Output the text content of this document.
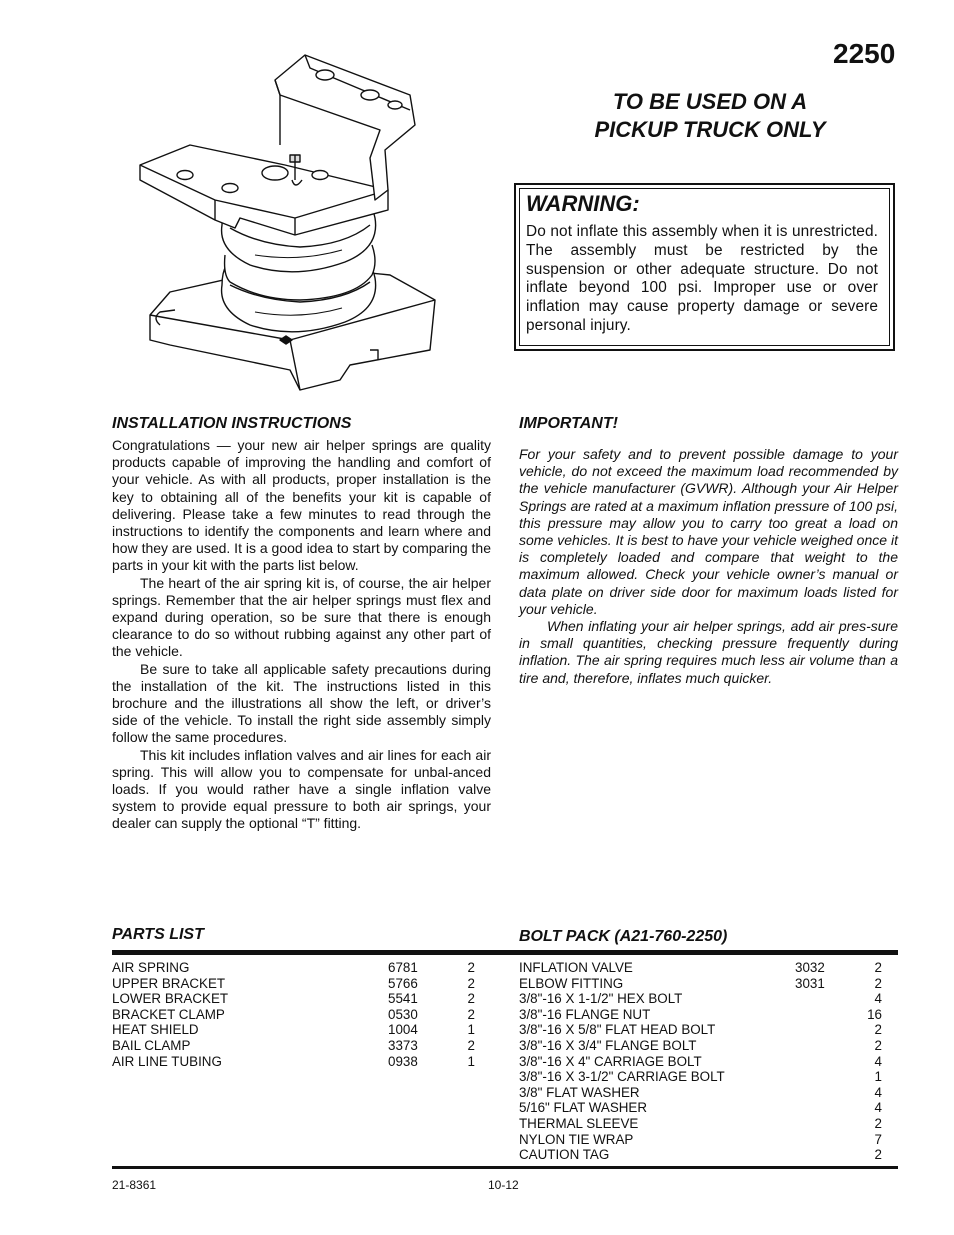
2250
TO BE USED ON A
PICKUP TRUCK ONLY
WARNING:
Do not inflate this assembly when it is unrestricted. The assembly must be restricted by the suspension or other adequate structure. Do not inflate beyond 100 psi. Improper use or over inflation may cause property damage or severe personal injury.
INSTALLATION INSTRUCTIONS

Congratulations — your new air helper springs are quality products capable of improving the handling and comfort of your vehicle. As with all products, proper installation is the key to obtaining all of the benefits your kit is capable of delivering. Please take a few minutes to read through the instructions to identify the components and learn where and how they are used. It is a good idea to start by comparing the parts in your kit with the parts list below.

The heart of the air spring kit is, of course, the air helper springs. Remember that the air helper springs must flex and expand during operation, so be sure that there is enough clearance to do so without rubbing against any other part of the vehicle.

Be sure to take all applicable safety precautions during the installation of the kit. The instructions listed in this brochure and the illustrations all show the left, or driver’s side of the vehicle. To install the right side assembly simply follow the same procedures.

This kit includes inflation valves and air lines for each air spring. This will allow you to compensate for unbal-anced loads. If you would rather have a single inflation valve system to provide equal pressure to both air springs, your dealer can supply the optional “T” fitting.

IMPORTANT!

For your safety and to prevent possible damage to your vehicle, do not exceed the maximum load recommended by the vehicle manufacturer (GVWR). Although your Air Helper Springs are rated at a maximum inflation pressure of 100 psi, this pressure may allow you to carry too great a load on some vehicles. It is best to have your vehicle weighed once it is completely loaded and compare that weight to the maximum allowed. Check your vehicle owner’s manual or data plate on driver side door for maximum loads listed for your vehicle.

When inflating your air helper springs, add air pres-sure in small quantities, checking pressure frequently during inflation. The air spring requires much less air volume than a tire and, therefore, inflates much quicker.

PARTS LIST	BOLT PACK (A21-760-2250)
AIR SPRING	6781	2
UPPER BRACKET	5766	2
LOWER BRACKET	5541	2
BRACKET CLAMP	0530	2
HEAT SHIELD	1004	1
BAIL CLAMP	3373	2
AIR LINE TUBING	0938	1
INFLATION VALVE	3032	2
ELBOW FITTING	3031	2
3/8"-16 X 1-1/2" HEX BOLT	4
3/8"-16 FLANGE NUT	16
3/8"-16 X 5/8" FLAT HEAD BOLT	2
3/8"-16 X 3/4" FLANGE BOLT	2
3/8"-16 X 4" CARRIAGE BOLT	4
3/8"-16 X 3-1/2" CARRIAGE BOLT	1
3/8" FLAT WASHER	4
5/16" FLAT WASHER	4
THERMAL SLEEVE	2
NYLON TIE WRAP	7
CAUTION TAG	2
21-8361	10-12
